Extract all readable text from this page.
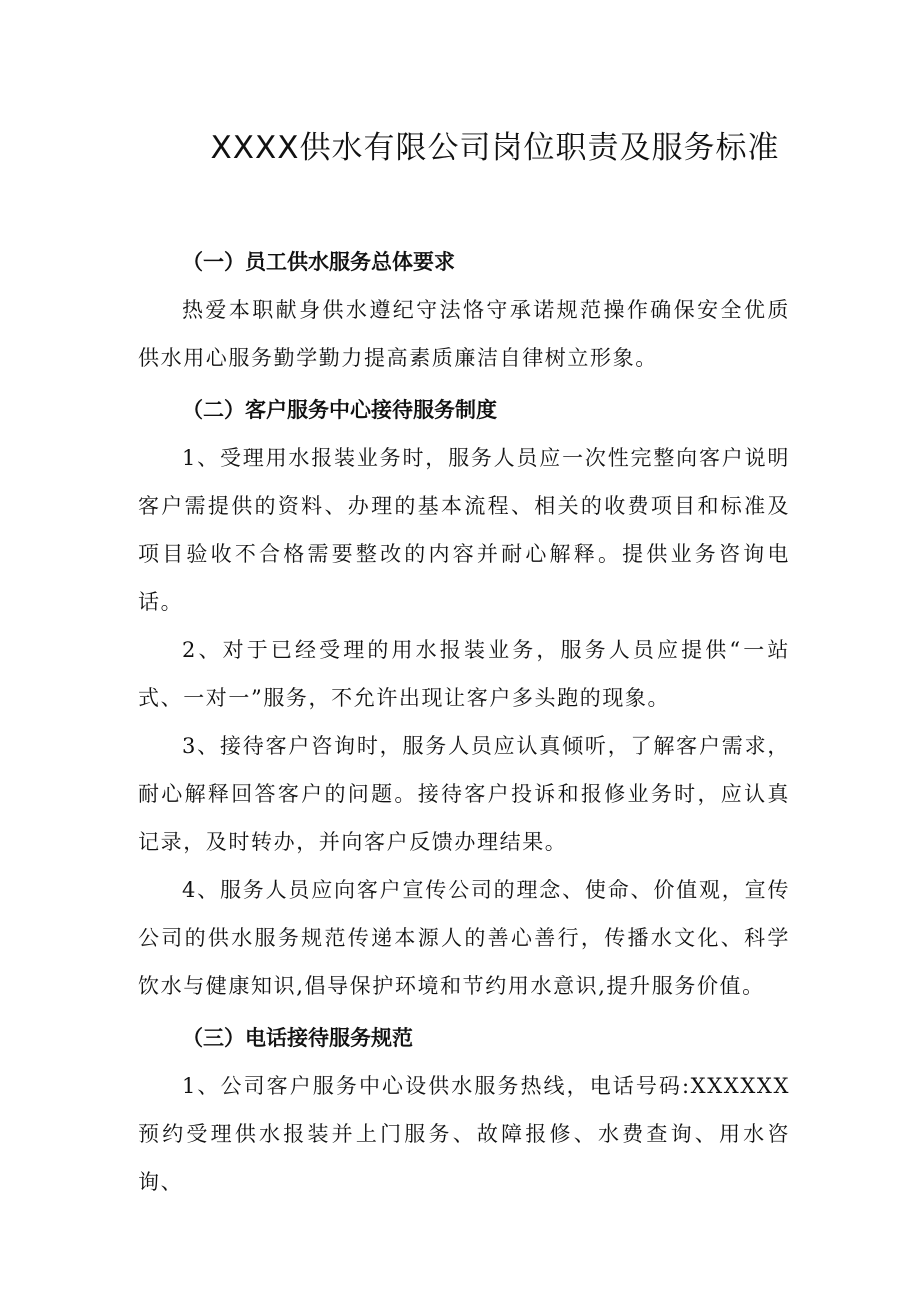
XXXX供水有限公司岗位职责及服务标准
（一）员工供水服务总体要求

热爱本职献身供水遵纪守法恪守承诺规范操作确保安全优质供水用心服务勤学勤力提高素质廉洁自律树立形象。

（二）客户服务中心接待服务制度

1、受理用水报装业务时，服务人员应一次性完整向客户说明客户需提供的资料、办理的基本流程、相关的收费项目和标准及项目验收不合格需要整改的内容并耐心解释。提供业务咨询电话。

2、对于已经受理的用水报装业务，服务人员应提供“一站式、一对一”服务，不允许出现让客户多头跑的现象。

3、接待客户咨询时，服务人员应认真倾听，了解客户需求，耐心解释回答客户的问题。接待客户投诉和报修业务时，应认真记录，及时转办，并向客户反馈办理结果。

4、服务人员应向客户宣传公司的理念、使命、价值观，宣传公司的供水服务规范传递本源人的善心善行，传播水文化、科学饮水与健康知识,倡导保护环境和节约用水意识,提升服务价值。

（三）电话接待服务规范

1、公司客户服务中心设供水服务热线，电话号码:XXXXXX预约受理供水报装并上门服务、故障报修、水费查询、用水咨询、
